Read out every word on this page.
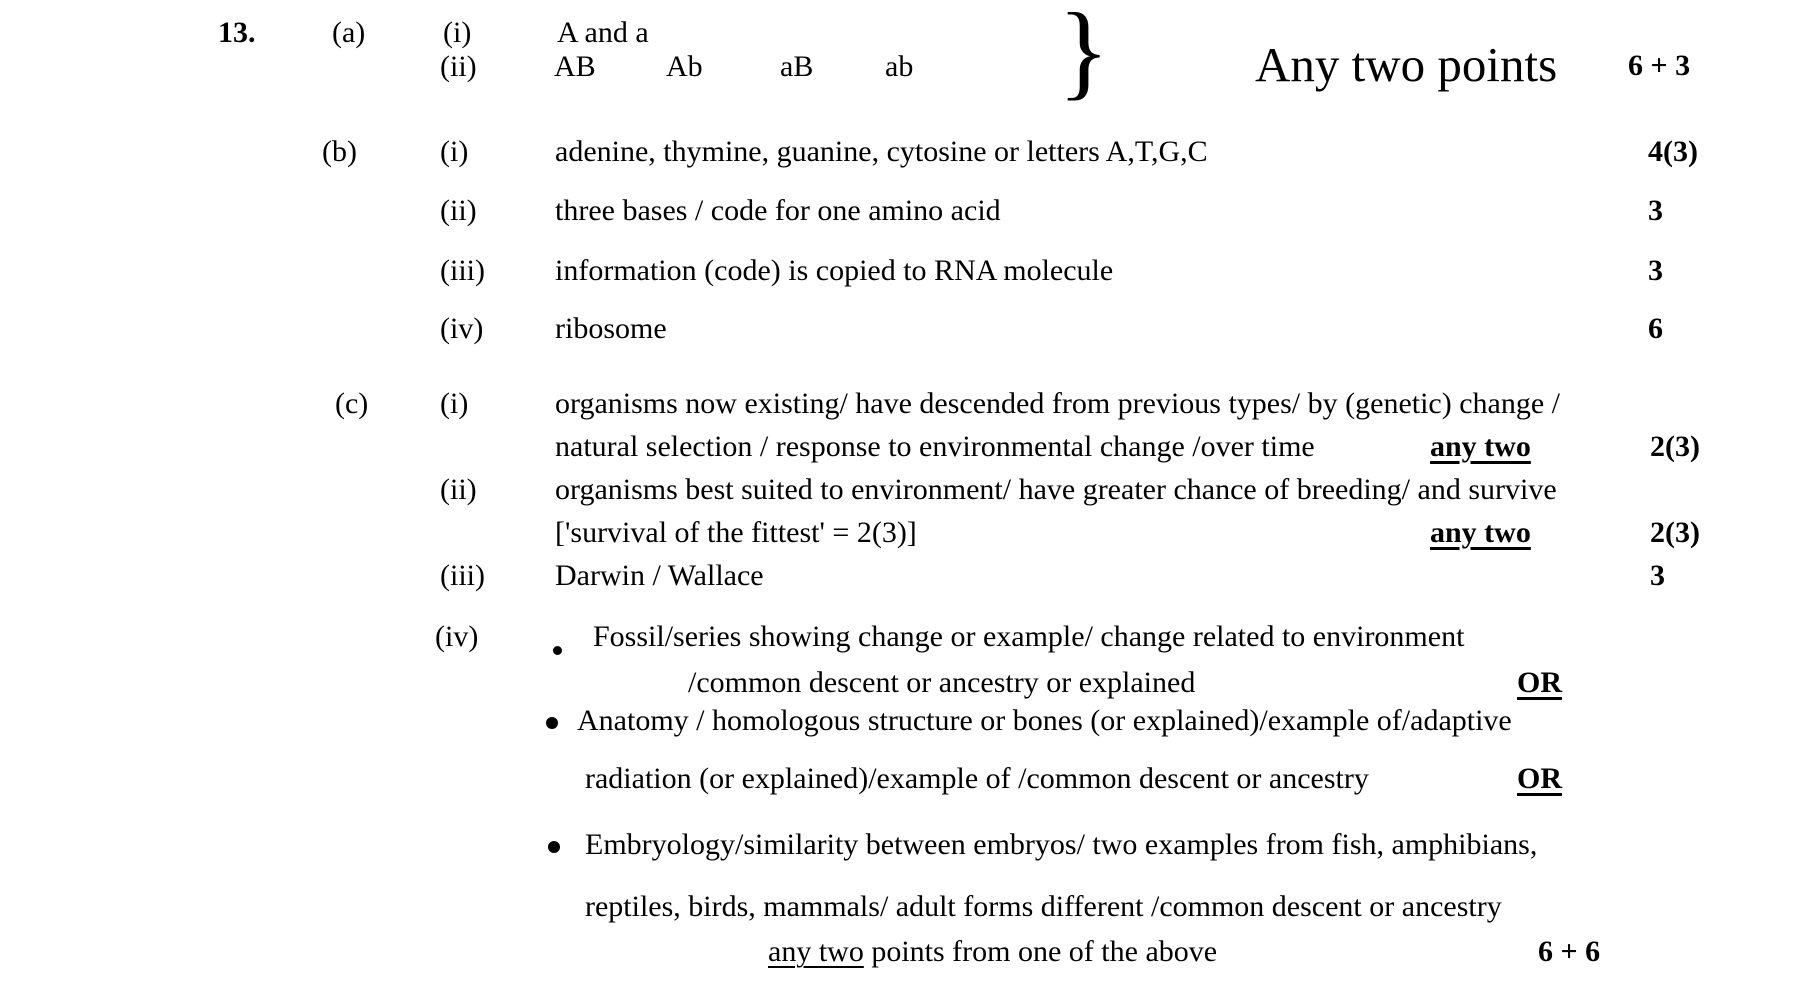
13.	(a)	(i)	A and a
(ii)	AB Ab	aB ab }	Any two points 6 + 3
(b)	(i)	adenine, thymine, guanine, cytosine or letters A,T,G,C	4(3)
(ii)	three bases / code for one amino acid	3
(iii) information (code) is copied to RNA molecule	3
(iv) ribosome	6
(c) (i)	organisms now existing/ have descended from previous types/ by (genetic) change /
natural selection / response to environmental change /over time	any two	2(3)
(ii)	organisms best suited to environment/ have greater chance of breeding/ and survive
['survival of the fittest' = 2(3)]	any two	2(3)
(iii) Darwin / Wallace	3
(iv)	Fossil/series showing change or example/ change related to environment
/common descent or ancestry or explained	OR
Anatomy / homologous structure or bones (or explained)/example of/adaptive
radiation (or explained)/example of /common descent or ancestry	OR
Embryology/similarity between embryos/ two examples from fish, amphibians,
reptiles, birds, mammals/ adult forms different /common descent or ancestry
any two points from one of the above	6 + 6
